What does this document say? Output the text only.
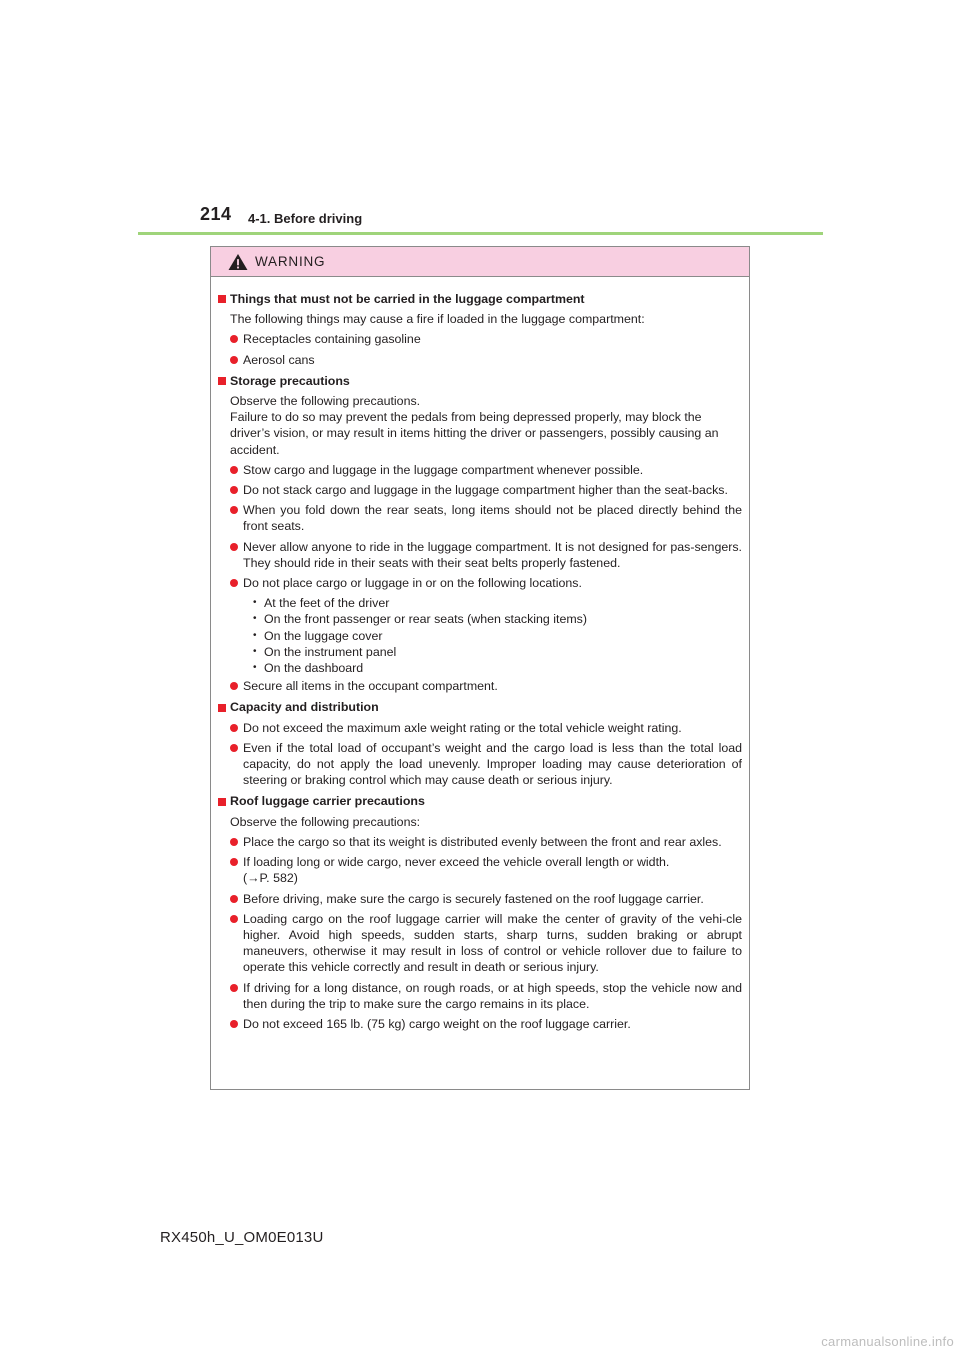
214 4-1. Before driving
WARNING
Things that must not be carried in the luggage compartment
The following things may cause a fire if loaded in the luggage compartment:
Receptacles containing gasoline
Aerosol cans
Storage precautions
Observe the following precautions.
Failure to do so may prevent the pedals from being depressed properly, may block the driver’s vision, or may result in items hitting the driver or passengers, possibly causing an accident.
Stow cargo and luggage in the luggage compartment whenever possible.
Do not stack cargo and luggage in the luggage compartment higher than the seat-backs.
When you fold down the rear seats, long items should not be placed directly behind the front seats.
Never allow anyone to ride in the luggage compartment. It is not designed for pas-sengers. They should ride in their seats with their seat belts properly fastened.
Do not place cargo or luggage in or on the following locations.
• At the feet of the driver
• On the front passenger or rear seats (when stacking items)
• On the luggage cover
• On the instrument panel
• On the dashboard
Secure all items in the occupant compartment.
Capacity and distribution
Do not exceed the maximum axle weight rating or the total vehicle weight rating.
Even if the total load of occupant’s weight and the cargo load is less than the total load capacity, do not apply the load unevenly. Improper loading may cause deterioration of steering or braking control which may cause death or serious injury.
Roof luggage carrier precautions
Observe the following precautions:
Place the cargo so that its weight is distributed evenly between the front and rear axles.
If loading long or wide cargo, never exceed the vehicle overall length or width.
(→P. 582)
Before driving, make sure the cargo is securely fastened on the roof luggage carrier.
Loading cargo on the roof luggage carrier will make the center of gravity of the vehi-cle higher. Avoid high speeds, sudden starts, sharp turns, sudden braking or abrupt maneuvers, otherwise it may result in loss of control or vehicle rollover due to failure to operate this vehicle correctly and result in death or serious injury.
If driving for a long distance, on rough roads, or at high speeds, stop the vehicle now and then during the trip to make sure the cargo remains in its place.
Do not exceed 165 lb. (75 kg) cargo weight on the roof luggage carrier.
RX450h_U_OM0E013U
carmanualsonline.info
